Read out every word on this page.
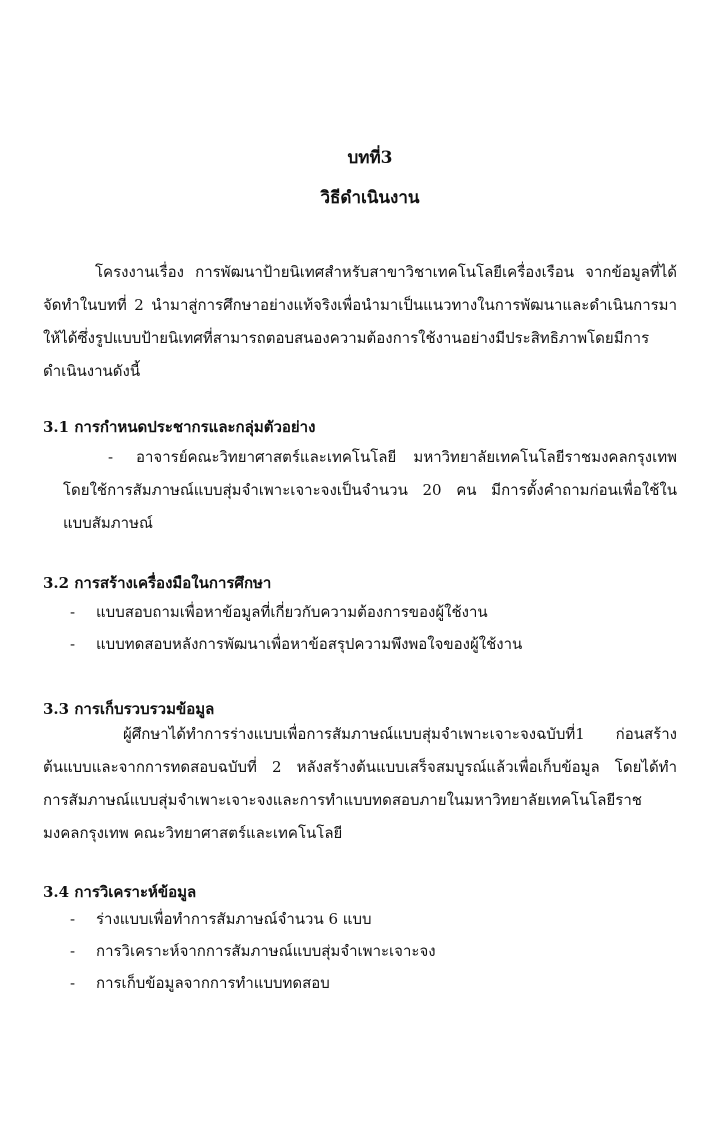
บทที่3
วิธีดำเนินงาน
โครงงานเรื่อง การพัฒนาป้ายนิเทศสำหรับสาขาวิชาเทคโนโลยีเครื่องเรือน จากข้อมูลที่ได้
จัดทำในบทที่ 2 นำมาสู่การศึกษาอย่างแท้จริงเพื่อนำมาเป็นแนวทางในการพัฒนาและดำเนินการมา
ให้ได้ซึ่งรูปแบบป้ายนิเทศที่สามารถตอบสนองความต้องการใช้งานอย่างมีประสิทธิภาพโดยมีการ
ดำเนินงานดังนี้
3.1 การกำหนดประชากรและกลุ่มตัวอย่าง
- อาจารย์คณะวิทยาศาสตร์และเทคโนโลยี มหาวิทยาลัยเทคโนโลยีราชมงคลกรุงเทพ
โดยใช้การสัมภาษณ์แบบสุ่มจำเพาะเจาะจงเป็นจำนวน 20 คน มีการตั้งคำถามก่อนเพื่อใช้ใน
แบบสัมภาษณ์
3.2 การสร้างเครื่องมือในการศึกษา
-	แบบสอบถามเพื่อหาข้อมูลที่เกี่ยวกับความต้องการของผู้ใช้งาน
-	แบบทดสอบหลังการพัฒนาเพื่อหาข้อสรุปความพึงพอใจของผู้ใช้งาน
3.3 การเก็บรวบรวมข้อมูล
ผู้ศึกษาได้ทำการร่างแบบเพื่อการสัมภาษณ์แบบสุ่มจำเพาะเจาะจงฉบับที่1 ก่อนสร้าง
ต้นแบบและจากการทดสอบฉบับที่ 2 หลังสร้างต้นแบบเสร็จสมบูรณ์แล้วเพื่อเก็บข้อมูล โดยได้ทำ
การสัมภาษณ์แบบสุ่มจำเพาะเจาะจงและการทำแบบทดสอบภายในมหาวิทยาลัยเทคโนโลยีราช
มงคลกรุงเทพ คณะวิทยาศาสตร์และเทคโนโลยี
3.4 การวิเคราะห์ข้อมูล
-	ร่างแบบเพื่อทำการสัมภาษณ์จำนวน 6 แบบ
-	การวิเคราะห์จากการสัมภาษณ์แบบสุ่มจำเพาะเจาะจง
-	การเก็บข้อมูลจากการทำแบบทดสอบ
